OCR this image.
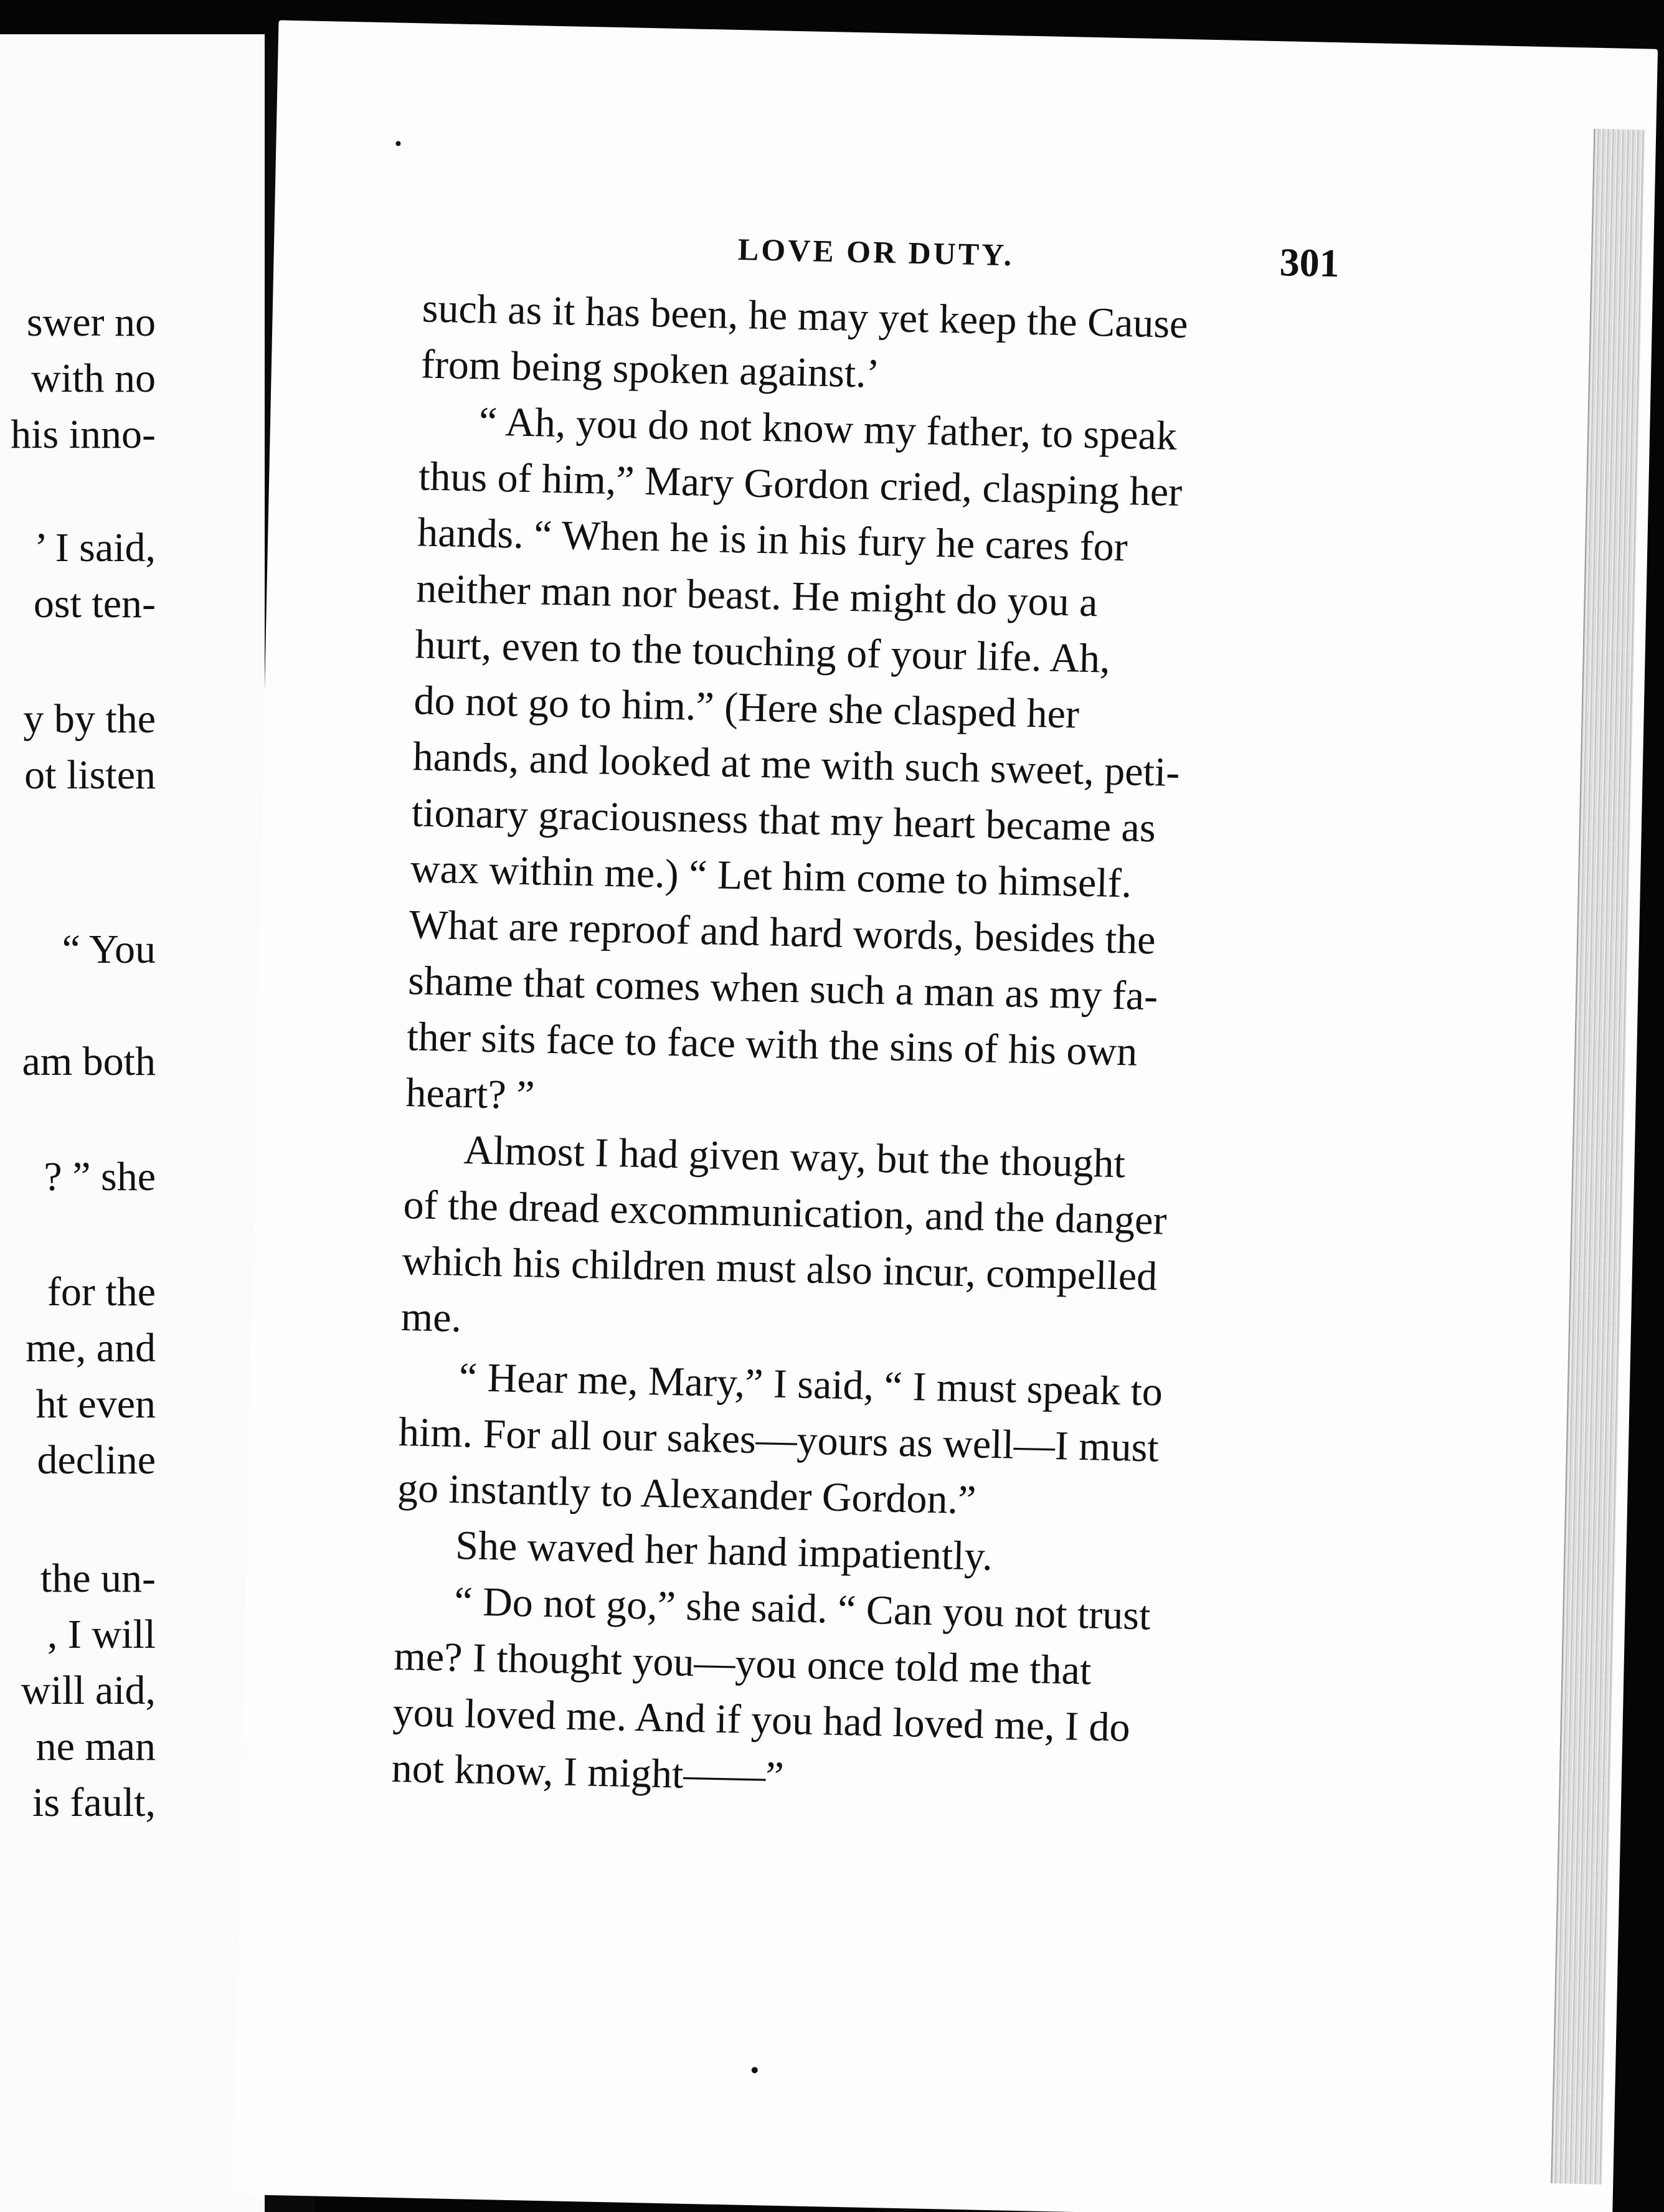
swer no
with no
his inno-
’ I said,
ost ten-
y by the
ot listen
“ You
am both
? ” she
for the
me, and
ht even
decline
the un-
, I will
will aid,
ne man
is fault,
LOVE OR DUTY.	301
such as it has been, he may yet keep the Cause
from being spoken against.’
“ Ah, you do not know my father, to speak
thus of him,” Mary Gordon cried, clasping her
hands. “ When he is in his fury he cares for
neither man nor beast. He might do you a
hurt, even to the touching of your life. Ah,
do not go to him.” (Here she clasped her
hands, and looked at me with such sweet, peti-
tionary graciousness that my heart became as
wax within me.) “ Let him come to himself.
What are reproof and hard words, besides the
shame that comes when such a man as my fa-
ther sits face to face with the sins of his own
heart? ”
Almost I had given way, but the thought
of the dread excommunication, and the danger
which his children must also incur, compelled
me.
“ Hear me, Mary,” I said, “ I must speak to
him. For all our sakes—yours as well—I must
go instantly to Alexander Gordon.”
She waved her hand impatiently.
“ Do not go,” she said. “ Can you not trust
me? I thought you—you once told me that
you loved me. And if you had loved me, I do
not know, I might——”
